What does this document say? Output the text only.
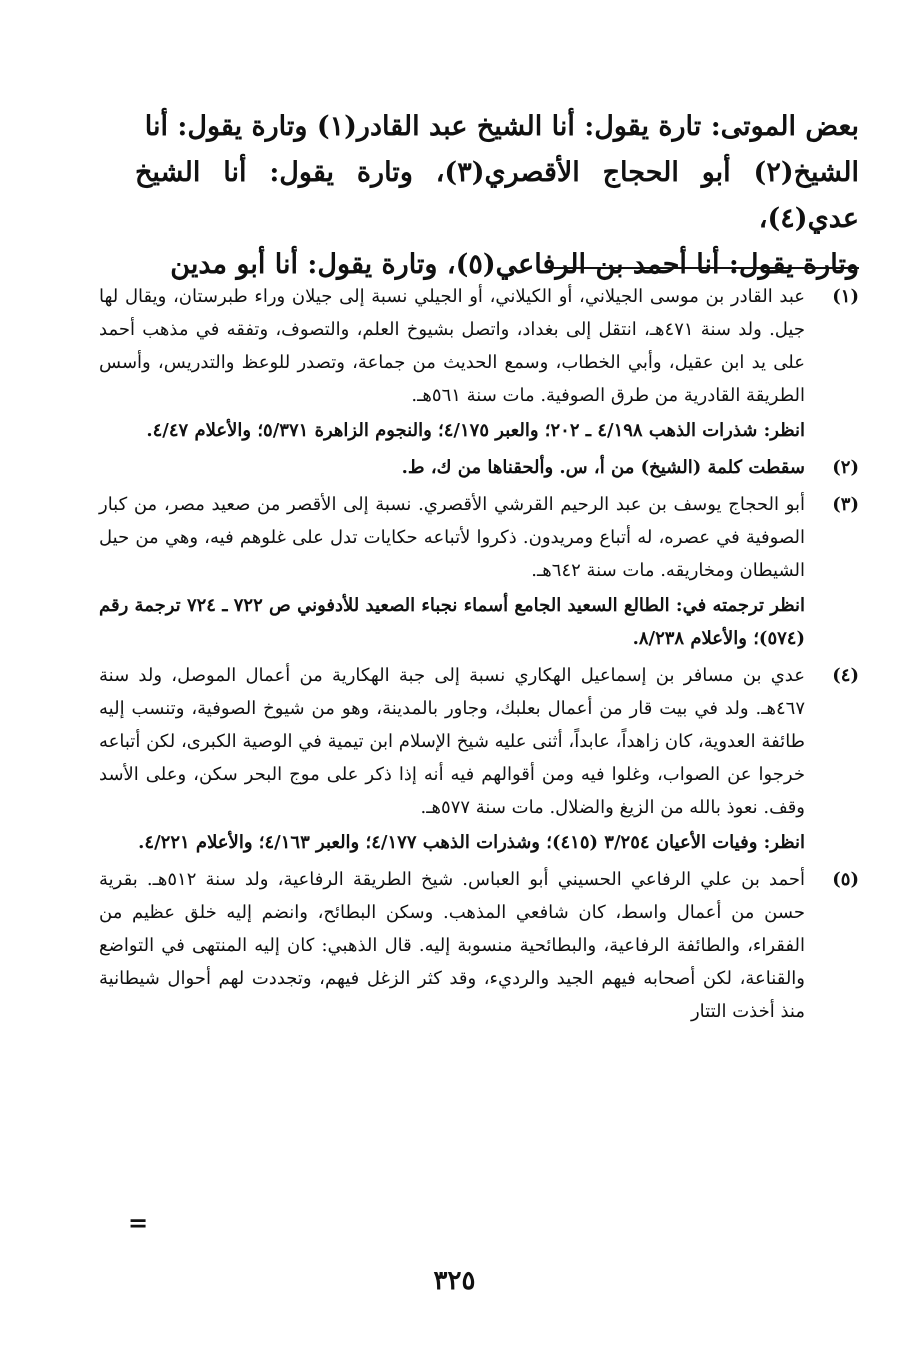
بعض الموتى: تارة يقول: أنا الشيخ عبد القادر(١) وتارة يقول: أنا

الشيخ(٢) أبو الحجاج الأقصري(٣)، وتارة يقول: أنا الشيخ عدي(٤)،

وتارة يقول: أنا أحمد بن الرفاعي(٥)، وتارة يقول: أنا أبو مدين

(١)

عبد القادر بن موسى الجيلاني، أو الكيلاني، أو الجيلي نسبة إلى جيلان وراء طبرستان، ويقال لها جيل. ولد سنة ٤٧١هـ، انتقل إلى بغداد، واتصل بشيوخ العلم، والتصوف، وتفقه في مذهب أحمد على يد ابن عقيل، وأبي الخطاب، وسمع الحديث من جماعة، وتصدر للوعظ والتدريس، وأسس الطريقة القادرية من طرق الصوفية. مات سنة ٥٦١هـ.

انظر: شذرات الذهب ٤/١٩٨ ـ ٢٠٢؛ والعبر ٤/١٧٥؛ والنجوم الزاهرة ٥/٣٧١؛ والأعلام ٤/٤٧.

(٢)

سقطت كلمة (الشيخ) من أ، س. وألحقناها من ك، ط.

(٣)

أبو الحجاج يوسف بن عبد الرحيم القرشي الأقصري. نسبة إلى الأقصر من صعيد مصر، من كبار الصوفية في عصره، له أتباع ومريدون. ذكروا لأتباعه حكايات تدل على غلوهم فيه، وهي من حيل الشيطان ومخاريقه. مات سنة ٦٤٢هـ.

انظر ترجمته في: الطالع السعيد الجامع أسماء نجباء الصعيد للأدفوني ص ٧٢٢ ـ ٧٢٤ ترجمة رقم (٥٧٤)؛ والأعلام ٨/٢٣٨.

(٤)

عدي بن مسافر بن إسماعيل الهكاري نسبة إلى جبة الهكارية من أعمال الموصل، ولد سنة ٤٦٧هـ. ولد في بيت قار من أعمال بعلبك، وجاور بالمدينة، وهو من شيوخ الصوفية، وتنسب إليه طائفة العدوية، كان زاهداً، عابداً، أثنى عليه شيخ الإسلام ابن تيمية في الوصية الكبرى، لكن أتباعه خرجوا عن الصواب، وغلوا فيه ومن أقوالهم فيه أنه إذا ذكر على موج البحر سكن، وعلى الأسد وقف. نعوذ بالله من الزيغ والضلال. مات سنة ٥٧٧هـ.

انظر: وفيات الأعيان ٣/٢٥٤ (٤١٥)؛ وشذرات الذهب ٤/١٧٧؛ والعبر ٤/١٦٣؛ والأعلام ٤/٢٢١.

(٥)

أحمد بن علي الرفاعي الحسيني أبو العباس. شيخ الطريقة الرفاعية، ولد سنة ٥١٢هـ. بقرية حسن من أعمال واسط، كان شافعي المذهب. وسكن البطائح، وانضم إليه خلق عظيم من الفقراء، والطائفة الرفاعية، والبطائحية منسوبة إليه. قال الذهبي: كان إليه المنتهى في التواضع والقناعة، لكن أصحابه فيهم الجيد والرديء، وقد كثر الزغل فيهم، وتجددت لهم أحوال شيطانية منذ أخذت التتار

=
٣٢٥
